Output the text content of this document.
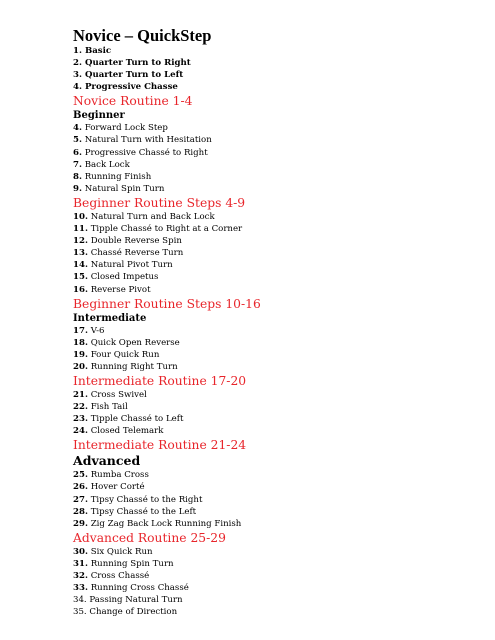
Novice – QuickStep
1. Basic
2. Quarter Turn to Right
3. Quarter Turn to Left
4. Progressive Chasse
Novice Routine 1-4
Beginner
4. Forward Lock Step
5. Natural Turn with Hesitation
6. Progressive Chassé to Right
7. Back Lock
8. Running Finish
9. Natural Spin Turn
Beginner Routine Steps 4-9
10. Natural Turn and Back Lock
11. Tipple Chassé to Right at a Corner
12. Double Reverse Spin
13. Chassé Reverse Turn
14. Natural Pivot Turn
15. Closed Impetus
16. Reverse Pivot
Beginner Routine Steps 10-16
Intermediate
17. V-6
18. Quick Open Reverse
19. Four Quick Run
20. Running Right Turn
Intermediate Routine 17-20
21. Cross Swivel
22. Fish Tail
23. Tipple Chassé to Left
24. Closed Telemark
Intermediate Routine 21-24
Advanced
25. Rumba Cross
26. Hover Corté
27. Tipsy Chassé to the Right
28. Tipsy Chassé to the Left
29. Zig Zag Back Lock Running Finish
Advanced Routine 25-29
30. Six Quick Run
31. Running Spin Turn
32. Cross Chassé
33. Running Cross Chassé
34. Passing Natural Turn
35. Change of Direction
